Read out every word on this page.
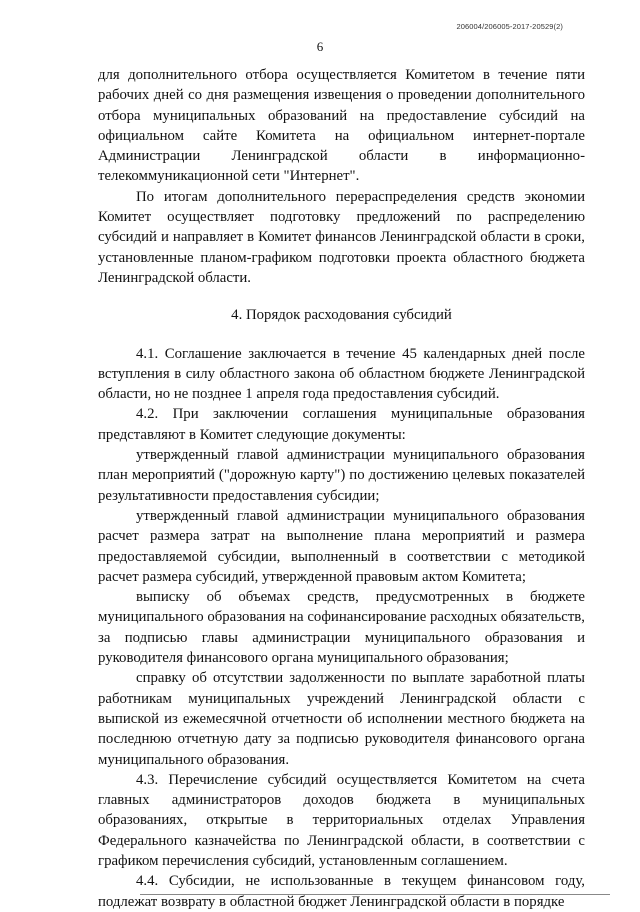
206004/206005-2017-20529(2)
6

для дополнительного отбора осуществляется Комитетом в течение пяти рабочих дней со дня размещения извещения о проведении дополнительного отбора муниципальных образований на предоставление субсидий на официальном сайте Комитета на официальном интернет-портале Администрации Ленинградской области в информационно-телекоммуникационной сети "Интернет".

По итогам дополнительного перераспределения средств экономии Комитет осуществляет подготовку предложений по распределению субсидий и направляет в Комитет финансов Ленинградской области в сроки, установленные планом-графиком подготовки проекта областного бюджета Ленинградской области.

4. Порядок расходования субсидий

4.1. Соглашение заключается в течение 45 календарных дней после вступления в силу областного закона об областном бюджете Ленинградской области, но не позднее 1 апреля года предоставления субсидий.

4.2. При заключении соглашения муниципальные образования представляют в Комитет следующие документы:

утвержденный главой администрации муниципального образования план мероприятий ("дорожную карту") по достижению целевых показателей результативности предоставления субсидии;

утвержденный главой администрации муниципального образования расчет размера затрат на выполнение плана мероприятий и размера предоставляемой субсидии, выполненный в соответствии с методикой расчет размера субсидий, утвержденной правовым актом Комитета;

выписку об объемах средств, предусмотренных в бюджете муниципального образования на софинансирование расходных обязательств, за подписью главы администрации муниципального образования и руководителя финансового органа муниципального образования;

справку об отсутствии задолженности по выплате заработной платы работникам муниципальных учреждений Ленинградской области с выпиской из ежемесячной отчетности об исполнении местного бюджета на последнюю отчетную дату за подписью руководителя финансового органа муниципального образования.

4.3. Перечисление субсидий осуществляется Комитетом на счета главных администраторов доходов бюджета в муниципальных образованиях, открытые в территориальных отделах Управления Федерального казначейства по Ленинградской области, в соответствии с графиком перечисления субсидий, установленным соглашением.

4.4. Субсидии, не использованные в текущем финансовом году, подлежат возврату в областной бюджет Ленинградской области в порядке
